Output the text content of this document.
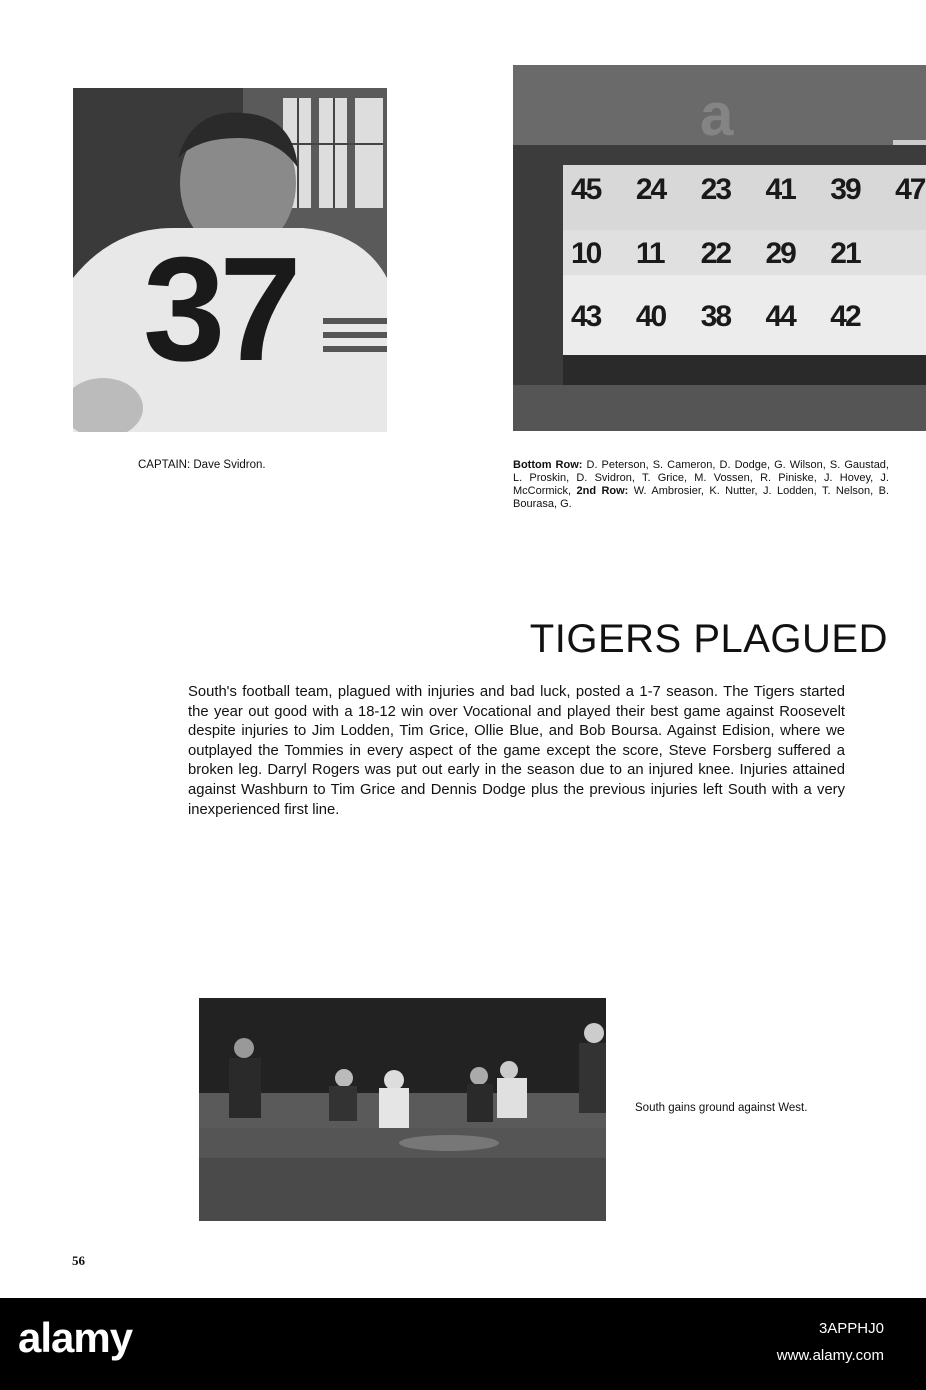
37
45 24 23 41 39 47
10 11 22 29 21
43 40 38 44 42
CAPTAIN: Dave Svidron.	Bottom Row: D. Peterson, S. Cameron, D. Dodge, G. Wilson, S. Gaustad, L. Proskin, D. Svidron, T. Grice, M. Vossen, R. Piniske, J. Hovey, J. McCormick, 2nd Row: W. Ambrosier, K. Nutter, J. Lodden, T. Nelson, B. Bourasa, G.
TIGERS PLAGUED
South's football team, plagued with injuries and bad luck, posted a 1-7 season. The Tigers started the year out good with a 18-12 win over Vocational and played their best game against Roosevelt despite injuries to Jim Lodden, Tim Grice, Ollie Blue, and Bob Boursa. Against Edision, where we outplayed the Tommies in every aspect of the game except the score, Steve Forsberg suffered a broken leg. Darryl Rogers was put out early in the season due to an injured knee. Injuries attained against Washburn to Tim Grice and Dennis Dodge plus the previous injuries left South with a very inexperienced first line.
South gains ground against West.
56
alamy	3APPHJ0
www.alamy.com
